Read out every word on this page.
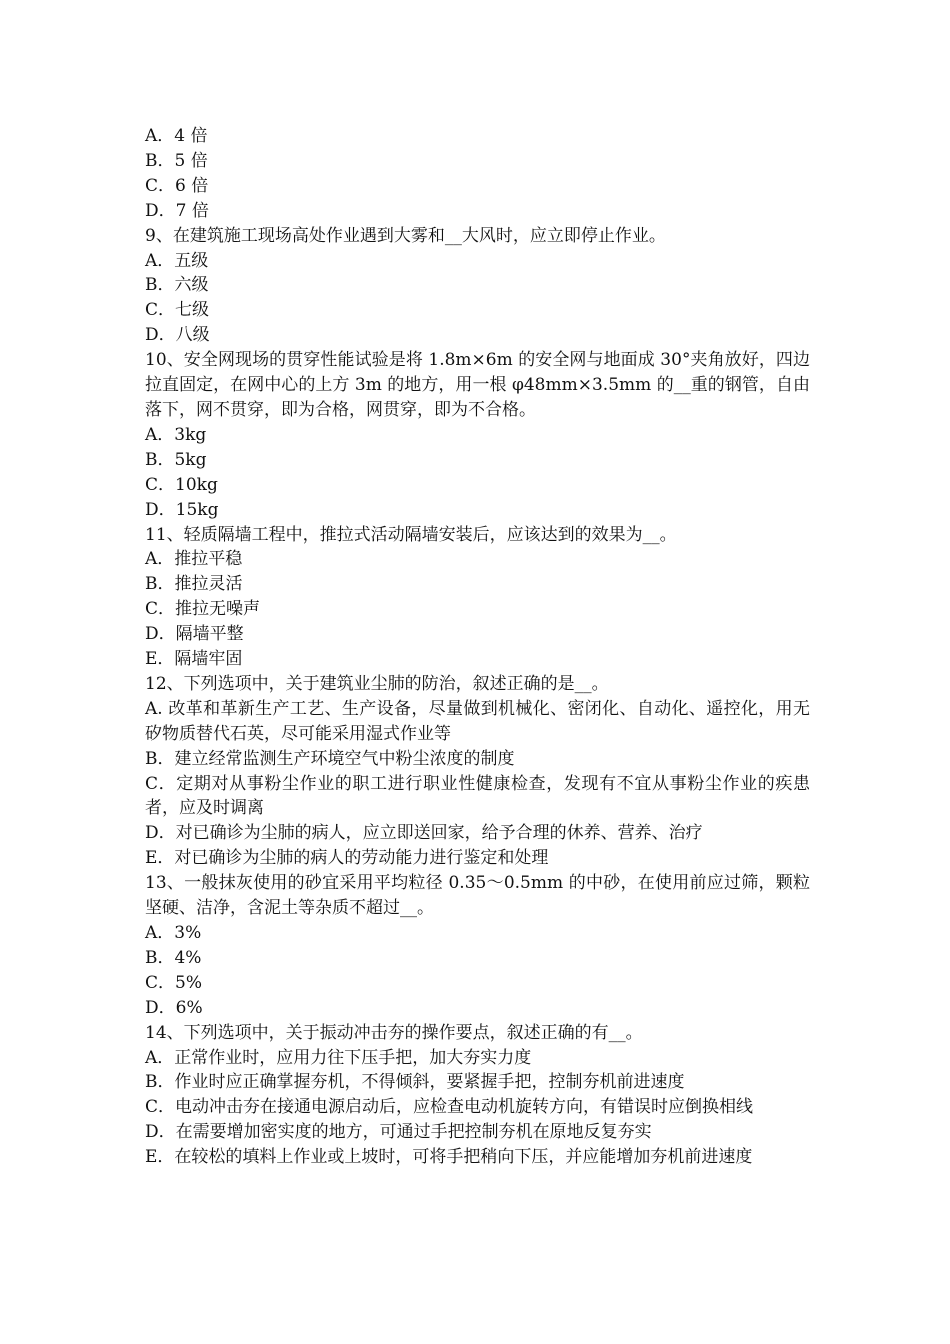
A．4 倍
B．5 倍
C．6 倍
D．7 倍
9、在建筑施工现场高处作业遇到大雾和__大风时，应立即停止作业。
A．五级
B．六级
C．七级
D．八级
10、安全网现场的贯穿性能试验是将 1.8m×6m 的安全网与地面成 30°夹角放好，四边拉直固定，在网中心的上方 3m 的地方，用一根 φ48mm×3.5mm 的__重的钢管，自由落下，网不贯穿，即为合格，网贯穿，即为不合格。
A．3kg
B．5kg
C．10kg
D．15kg
11、轻质隔墙工程中，推拉式活动隔墙安装后，应该达到的效果为__。
A．推拉平稳
B．推拉灵活
C．推拉无噪声
D．隔墙平整
E．隔墙牢固
12、下列选项中，关于建筑业尘肺的防治，叙述正确的是__。
A. 改革和革新生产工艺、生产设备，尽量做到机械化、密闭化、自动化、遥控化，用无矽物质替代石英，尽可能采用湿式作业等
B．建立经常监测生产环境空气中粉尘浓度的制度
C．定期对从事粉尘作业的职工进行职业性健康检查，发现有不宜从事粉尘作业的疾患者，应及时调离
D．对已确诊为尘肺的病人，应立即送回家，给予合理的休养、营养、治疗
E．对已确诊为尘肺的病人的劳动能力进行鉴定和处理
13、一般抹灰使用的砂宜采用平均粒径 0.35～0.5mm 的中砂，在使用前应过筛，颗粒坚硬、洁净，含泥土等杂质不超过__。
A．3%
B．4%
C．5%
D．6%
14、下列选项中，关于振动冲击夯的操作要点，叙述正确的有__。
A．正常作业时，应用力往下压手把，加大夯实力度
B．作业时应正确掌握夯机，不得倾斜，要紧握手把，控制夯机前进速度
C．电动冲击夯在接通电源启动后，应检查电动机旋转方向，有错误时应倒换相线
D．在需要增加密实度的地方，可通过手把控制夯机在原地反复夯实
E．在较松的填料上作业或上坡时，可将手把稍向下压，并应能增加夯机前进速度
